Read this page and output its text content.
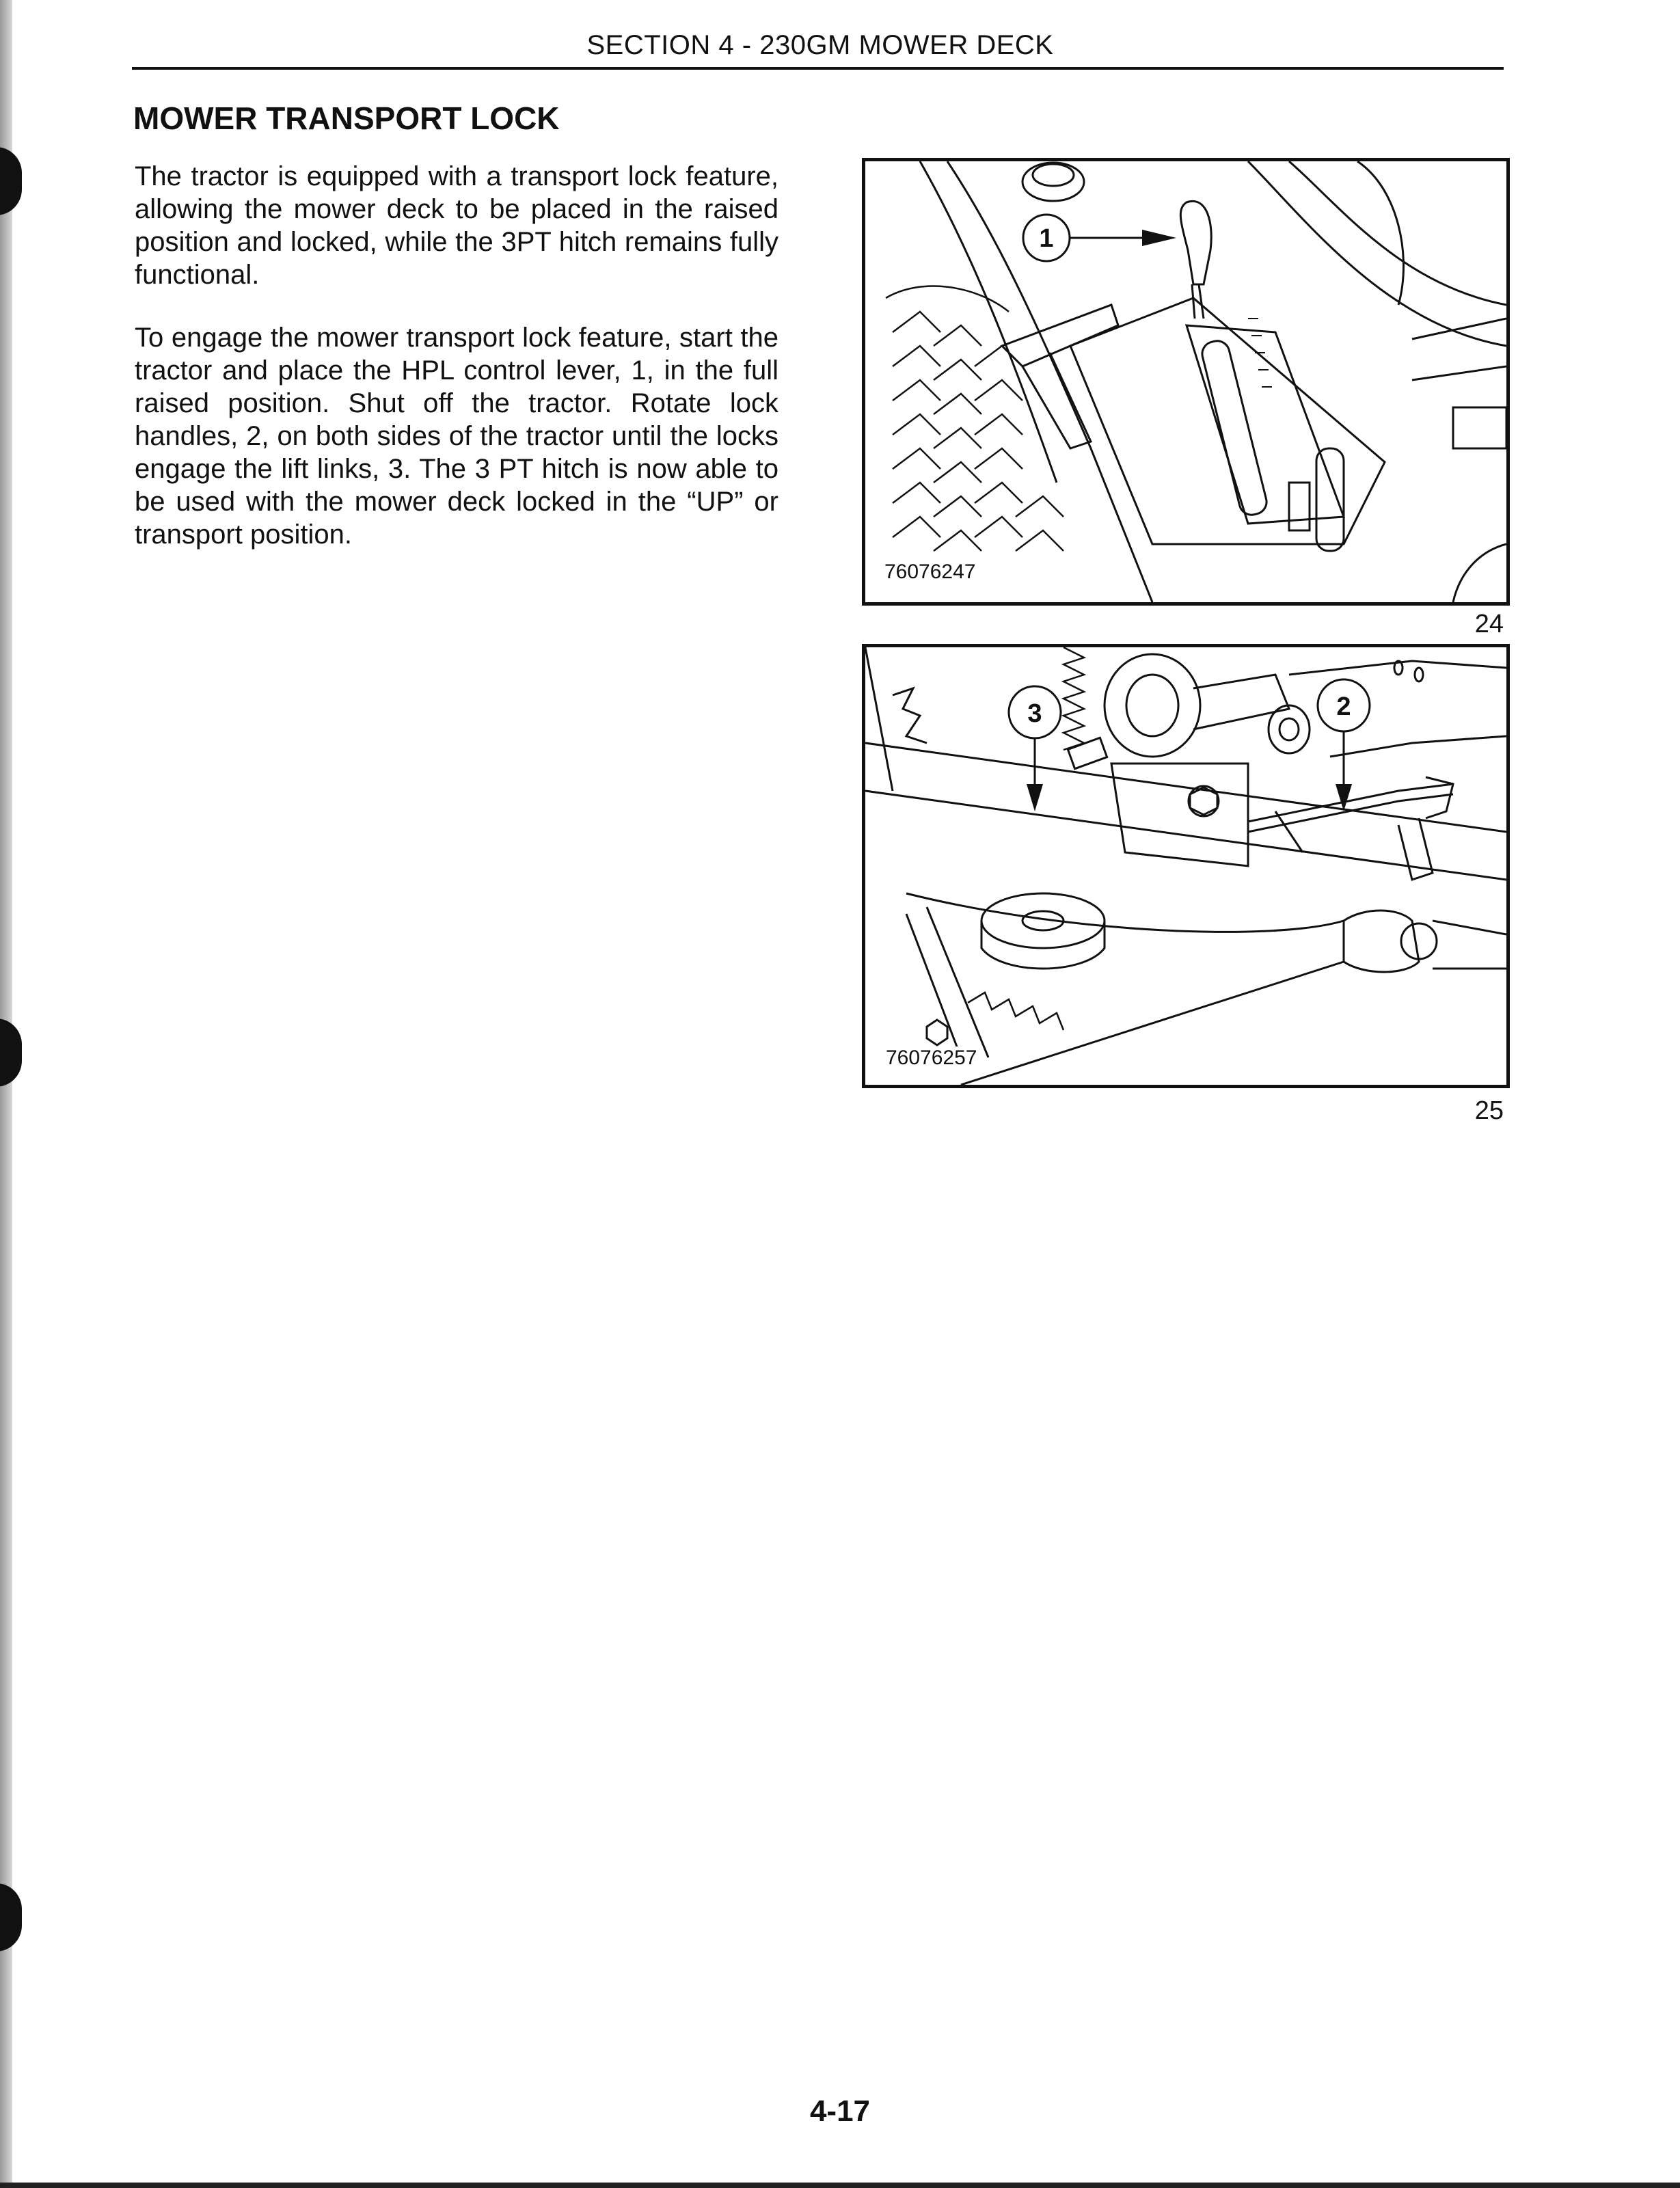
SECTION 4 - 230GM MOWER DECK
MOWER TRANSPORT LOCK

The tractor is equipped with a transport lock feature, allowing the mower deck to be placed in the raised position and locked, while the 3PT hitch remains fully functional.

To engage the mower transport lock feature, start the tractor and place the HPL control lever, 1, in the full raised position. Shut off the tractor. Rotate lock handles, 2, on both sides of the tractor until the locks engage the lift links, 3. The 3 PT hitch is now able to be used with the mower deck locked in the “UP” or transport position.

1
76076247
24
3	2
76076257
25
4-17
